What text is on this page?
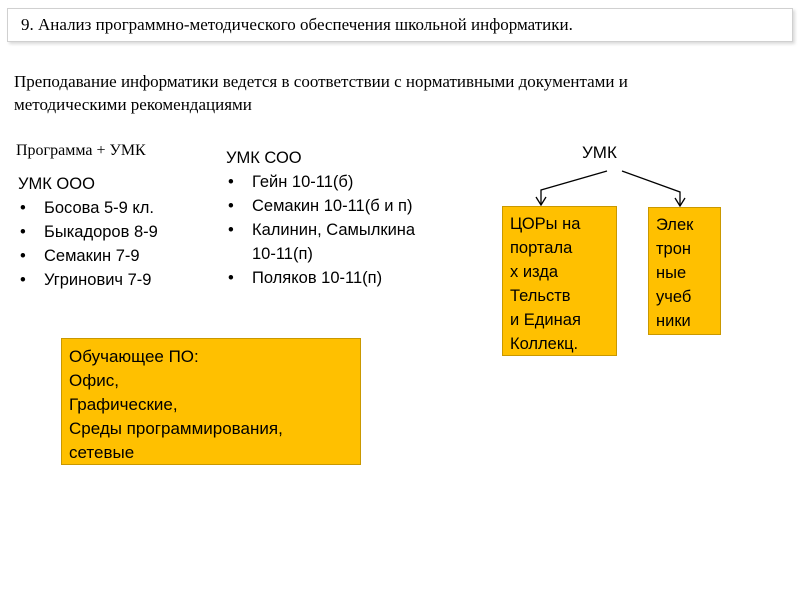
9. Анализ программно-методического обеспечения школьной информатики.
Преподавание информатики ведется в соответствии с нормативными документами и
методическими рекомендациями
Программа + УМК
УМК ООО
• Босова 5-9 кл.
• Быкадоров 8-9
• Семакин 7-9
• Угринович 7-9
УМК СОО
• Гейн 10-11(б)
• Семакин 10-11(б и п)
• Калинин, Самылкина
10-11(п)
• Поляков 10-11(п)
Обучающее ПО:
Офис,
Графические,
Среды программирования,
сетевые
УМК
ЦОРы на
портала
х изда
Тельств
и Единая
Коллекц.
Элек
трон
ные
учеб
ники
